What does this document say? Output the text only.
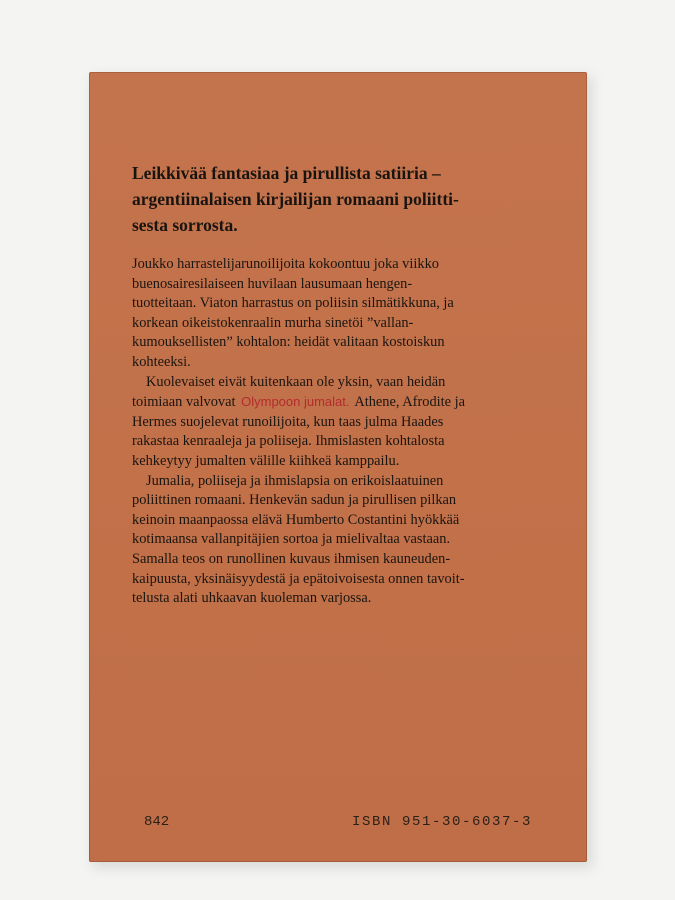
Leikkivää fantasiaa ja pirullista satiiria –
argentiinalaisen kirjailijan romaani poliitti-
sesta sorrosta.
Joukko harrastelijarunoilijoita kokoontuu joka viikko
buenosairesilaiseen huvilaan lausumaan hengen-
tuotteitaan. Viaton harrastus on poliisin silmätikkuna, ja
korkean oikeistokenraalin murha sinetöi ”vallan-
kumouksellisten” kohtalon: heidät valitaan kostoiskun
kohteeksi.
Kuolevaiset eivät kuitenkaan ole yksin, vaan heidän
toimiaan valvovat Olympoon jumalat. Athene, Afrodite ja
Hermes suojelevat runoilijoita, kun taas julma Haades
rakastaa kenraaleja ja poliiseja. Ihmislasten kohtalosta
kehkeytyy jumalten välille kiihkeä kamppailu.
Jumalia, poliiseja ja ihmislapsia on erikoislaatuinen
poliittinen romaani. Henkevän sadun ja pirullisen pilkan
keinoin maanpaossa elävä Humberto Costantini hyökkää
kotimaansa vallanpitäjien sortoa ja mielivaltaa vastaan.
Samalla teos on runollinen kuvaus ihmisen kauneuden-
kaipuusta, yksinäisyydestä ja epätoivoisesta onnen tavoit-
telusta alati uhkaavan kuoleman varjossa.
842	ISBN 951-30-6037-3
